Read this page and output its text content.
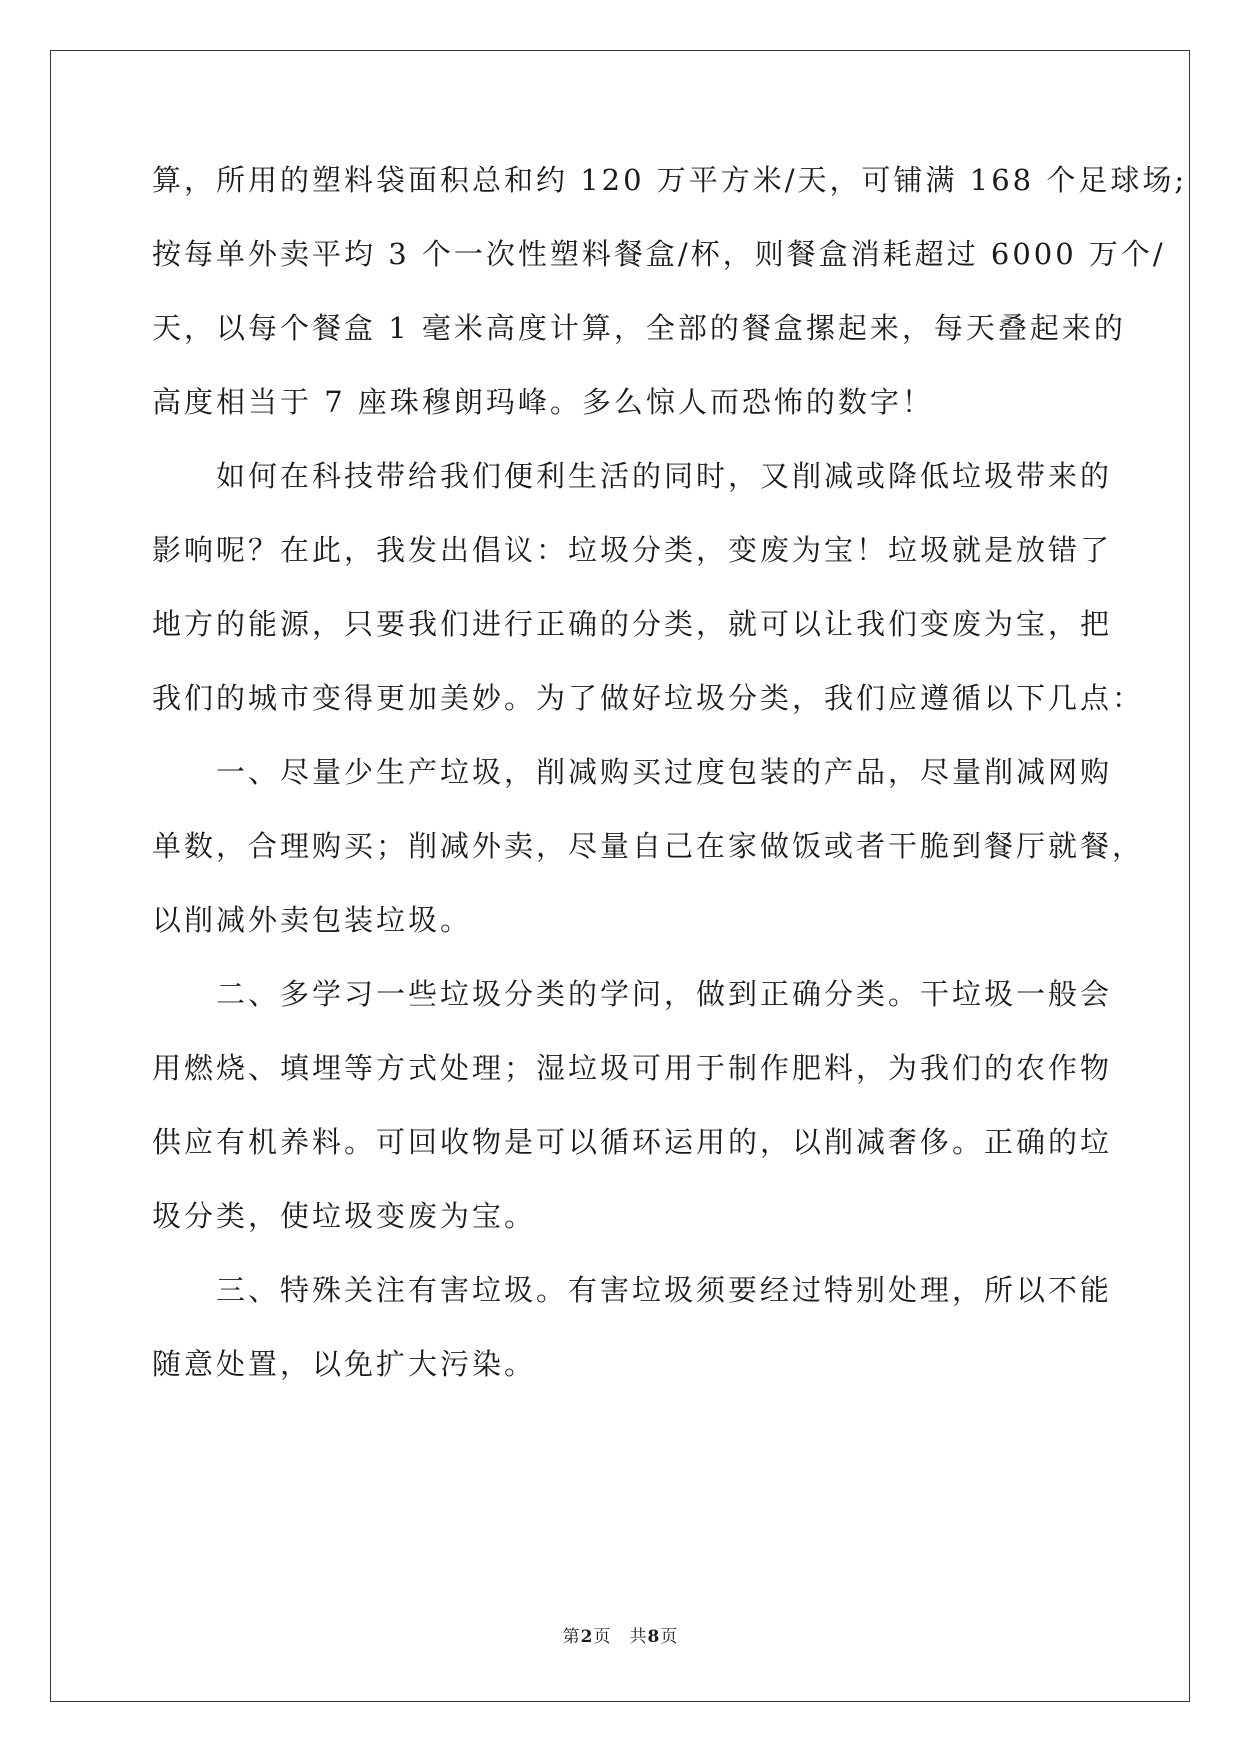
算，所用的塑料袋面积总和约 120 万平方米/天，可铺满 168 个足球场;
按每单外卖平均 3 个一次性塑料餐盒/杯，则餐盒消耗超过 6000 万个/
天，以每个餐盒 1 毫米高度计算，全部的餐盒摞起来，每天叠起来的
高度相当于 7 座珠穆朗玛峰。多么惊人而恐怖的数字！
　　如何在科技带给我们便利生活的同时，又削减或降低垃圾带来的
影响呢？在此，我发出倡议：垃圾分类，变废为宝！垃圾就是放错了
地方的能源，只要我们进行正确的分类，就可以让我们变废为宝，把
我们的城市变得更加美妙。为了做好垃圾分类，我们应遵循以下几点：
　　一、尽量少生产垃圾，削减购买过度包装的产品，尽量削减网购
单数，合理购买；削减外卖，尽量自己在家做饭或者干脆到餐厅就餐，
以削减外卖包装垃圾。
　　二、多学习一些垃圾分类的学问，做到正确分类。干垃圾一般会
用燃烧、填埋等方式处理；湿垃圾可用于制作肥料，为我们的农作物
供应有机养料。可回收物是可以循环运用的，以削减奢侈。正确的垃
圾分类，使垃圾变废为宝。
　　三、特殊关注有害垃圾。有害垃圾须要经过特别处理，所以不能
随意处置，以免扩大污染。
第2页　 共8页
